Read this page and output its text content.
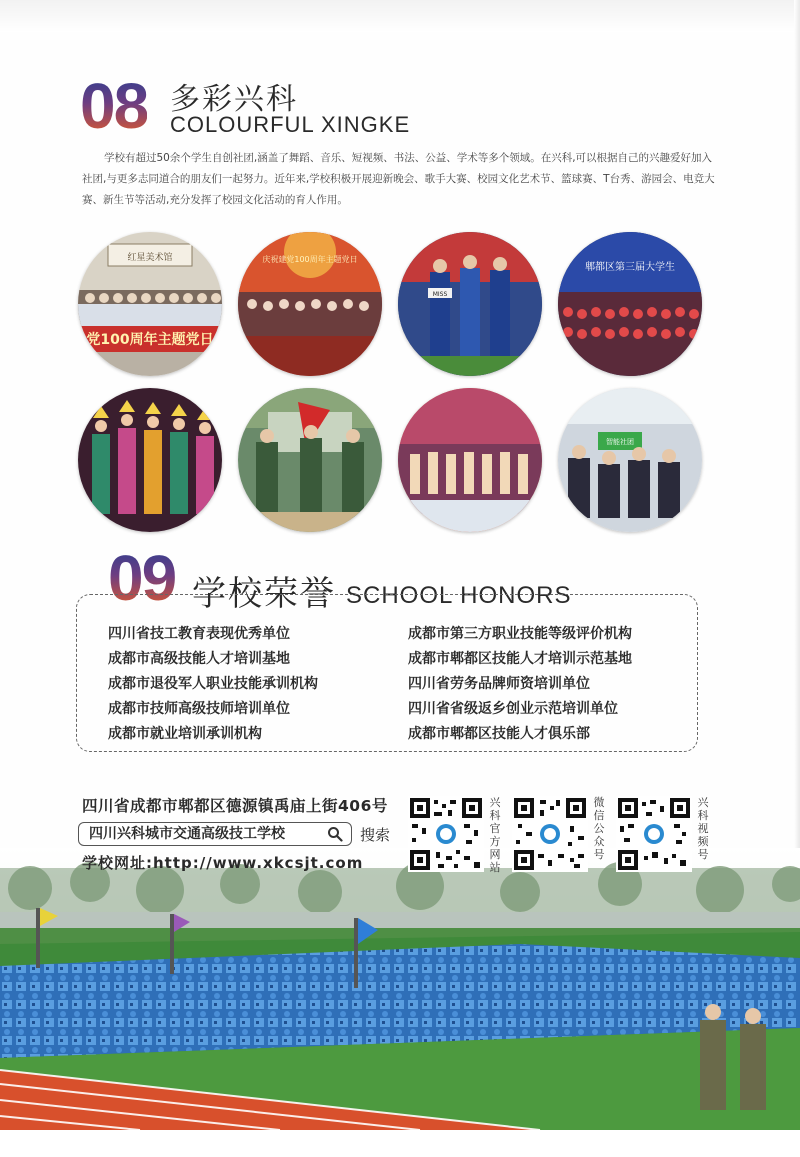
08 多彩兴科
COLOURFUL XINGKE
学校有超过50余个学生自创社团,涵盖了舞蹈、音乐、短视频、书法、公益、学术等多个领域。在兴科,可以根据自己的兴趣爱好加入社团,与更多志同道合的朋友们一起努力。近年来,学校积极开展迎新晚会、歌手大赛、校园文化艺术节、篮球赛、T台秀、游园会、电竞大赛、新生节等活动,充分发挥了校园文化活动的育人作用。
红星美术馆
党100周年主题党日
庆祝建党100周年主题党日
MISS
郫都区第三届大学生
智能社团
09 学校荣誉 SCHOOL HONORS
四川省技工教育表现优秀单位
成都市高级技能人才培训基地
成都市退役军人职业技能承训机构
成都市技师高级技师培训单位
成都市就业培训承训机构
成都市第三方职业技能等级评价机构
成都市郫都区技能人才培训示范基地
四川省劳务品牌师资培训单位
四川省省级返乡创业示范培训单位
成都市郫都区技能人才俱乐部
四川省成都市郫都区德源镇禹庙上街406号
四川兴科城市交通高级技工学校	搜索
学校网址:http://www.xkcsjt.com
兴科官方网站
微信公众号
兴科视频号
